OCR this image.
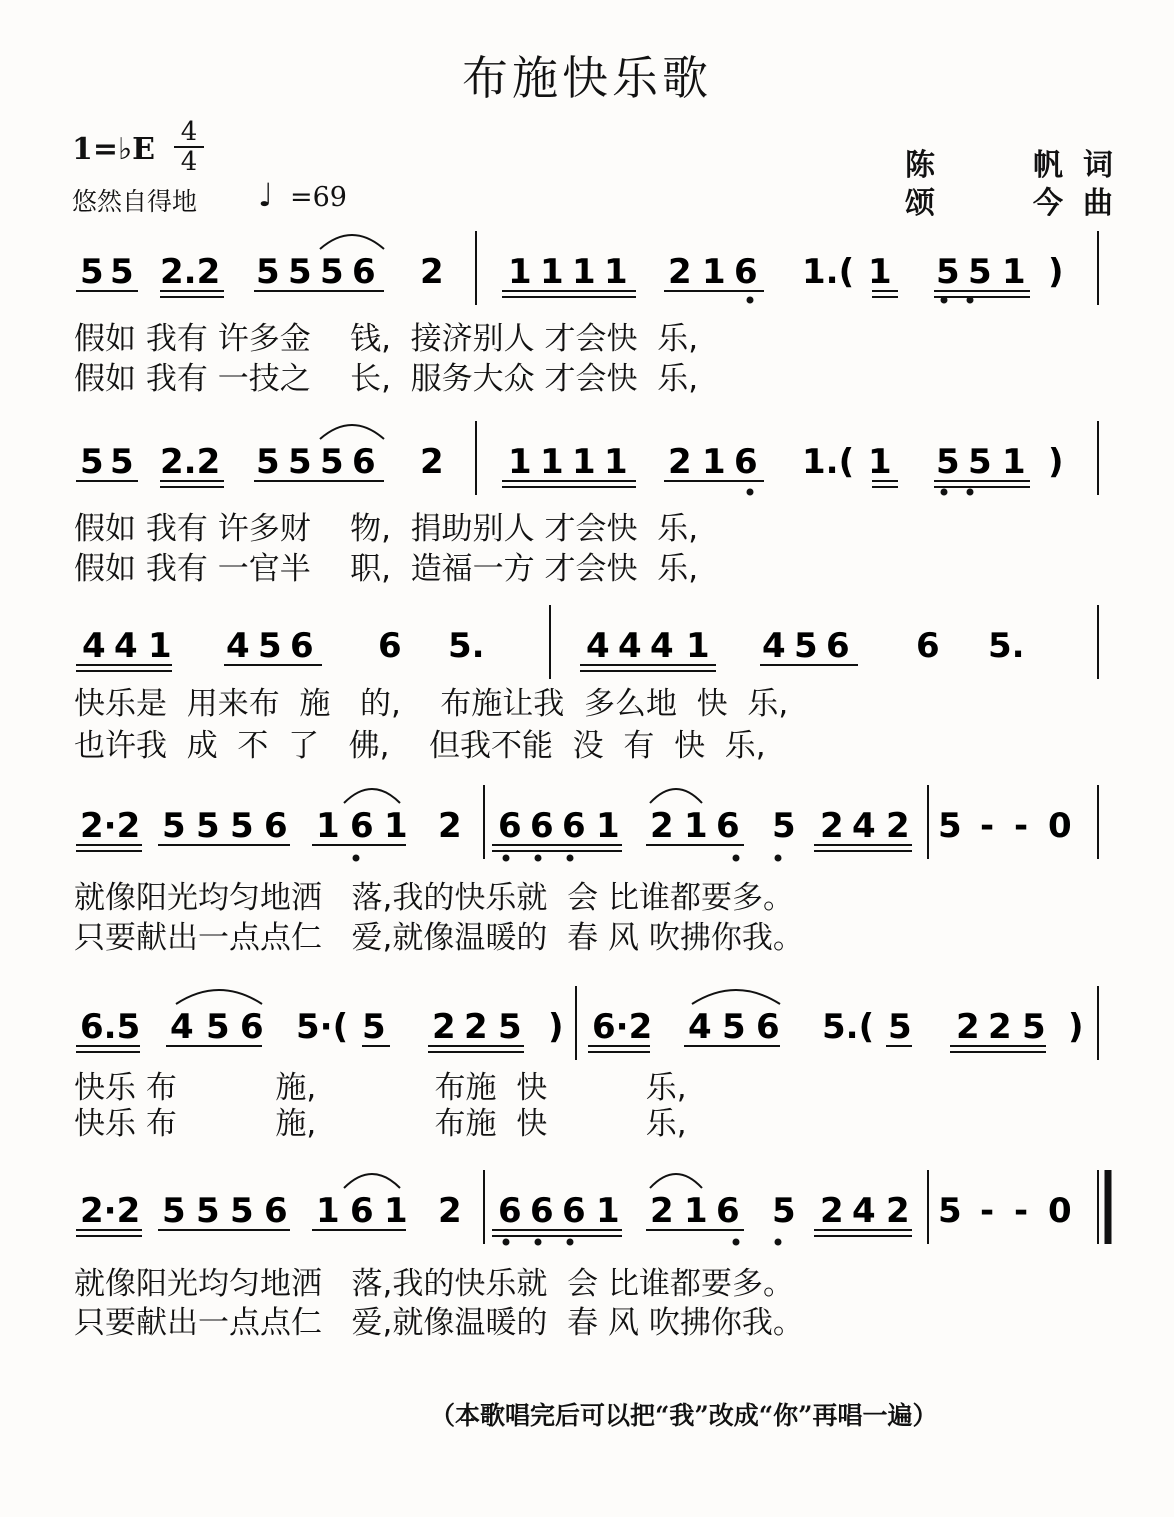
布施快乐歌
1=♭E 4
4
悠然自得地 ♩ =69
陈	帆 词
颂	今 曲
5 5 2.2 5 5 5 6 2 1 1 1 1 2 1 6 1.( 1 5 5 1 )
5 5 2.2 5 5 5 6 2 1 1 1 1 2 1 6 1.( 1 5 5 1 )
4 4 1 4 5 6 6 5.	4 4 4 1 4 5 6 6 5.
2·2 5 5 5 6 1 6 1 2 6 6 6 1 2 1 6 5 2 4 2 5 - - 0
6.5 4 5 6 5·( 5 2 2 5 ) 6·2 4 5 6 5.( 5 2 2 5 )
2·2 5 5 5 6 1 6 1 2 6 6 6 1 2 1 6 5 2 4 2 5 - - 0
假如 我有 许多金    钱,  接济别人 才会快  乐,
假如 我有 一技之    长,  服务大众 才会快  乐,
假如 我有 许多财    物,  捐助别人 才会快  乐,
假如 我有 一官半    职,  造福一方 才会快  乐,
快乐是  用来布  施   的,    布施让我  多么地  快  乐,
也许我  成  不  了   佛,    但我不能  没  有  快  乐,
就像阳光均匀地洒   落,我的快乐就  会 比谁都要多。
只要献出一点点仁   爱,就像温暖的  春 风 吹拂你我。
快乐 布          施,            布施  快          乐,
快乐 布          施,            布施  快          乐,
就像阳光均匀地洒   落,我的快乐就  会 比谁都要多。
只要献出一点点仁   爱,就像温暖的  春 风 吹拂你我。
（本歌唱完后可以把“我”改成“你”再唱一遍）
